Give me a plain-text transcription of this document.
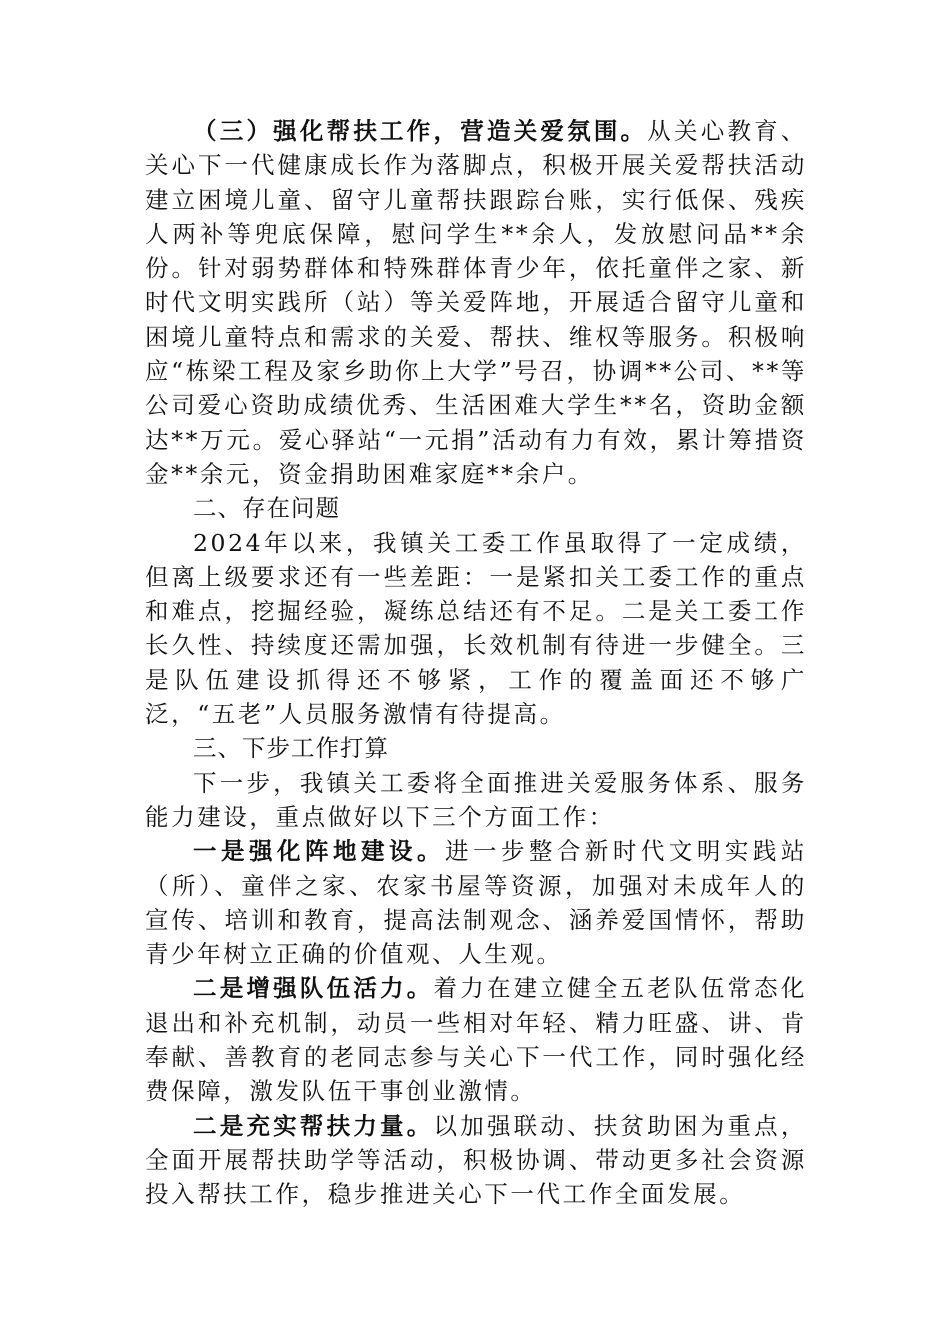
（三）强化帮扶工作，营造关爱氛围。从关心教育、关心下一代健康成长作为落脚点，积极开展关爱帮扶活动建立困境儿童、留守儿童帮扶跟踪台账，实行低保、残疾人两补等兜底保障，慰问学生**余人，发放慰问品**余份。针对弱势群体和特殊群体青少年，依托童伴之家、新时代文明实践所（站）等关爱阵地，开展适合留守儿童和困境儿童特点和需求的关爱、帮扶、维权等服务。积极响应“栋梁工程及家乡助你上大学”号召，协调**公司、**等公司爱心资助成绩优秀、生活困难大学生**名，资助金额达**万元。爱心驿站“一元捐”活动有力有效，累计筹措资金**余元，资金捐助困难家庭**余户。

二、存在问题

2024年以来，我镇关工委工作虽取得了一定成绩，但离上级要求还有一些差距：一是紧扣关工委工作的重点和难点，挖掘经验，凝练总结还有不足。二是关工委工作长久性、持续度还需加强，长效机制有待进一步健全。三是队伍建设抓得还不够紧，工作的覆盖面还不够广泛，“五老”人员服务激情有待提高。

三、下步工作打算

下一步，我镇关工委将全面推进关爱服务体系、服务能力建设，重点做好以下三个方面工作：

一是强化阵地建设。进一步整合新时代文明实践站（所）、童伴之家、农家书屋等资源，加强对未成年人的宣传、培训和教育，提高法制观念、涵养爱国情怀，帮助青少年树立正确的价值观、人生观。

二是增强队伍活力。着力在建立健全五老队伍常态化退出和补充机制，动员一些相对年轻、精力旺盛、讲、肯奉献、善教育的老同志参与关心下一代工作，同时强化经费保障，激发队伍干事创业激情。

二是充实帮扶力量。以加强联动、扶贫助困为重点，全面开展帮扶助学等活动，积极协调、带动更多社会资源投入帮扶工作，稳步推进关心下一代工作全面发展。
